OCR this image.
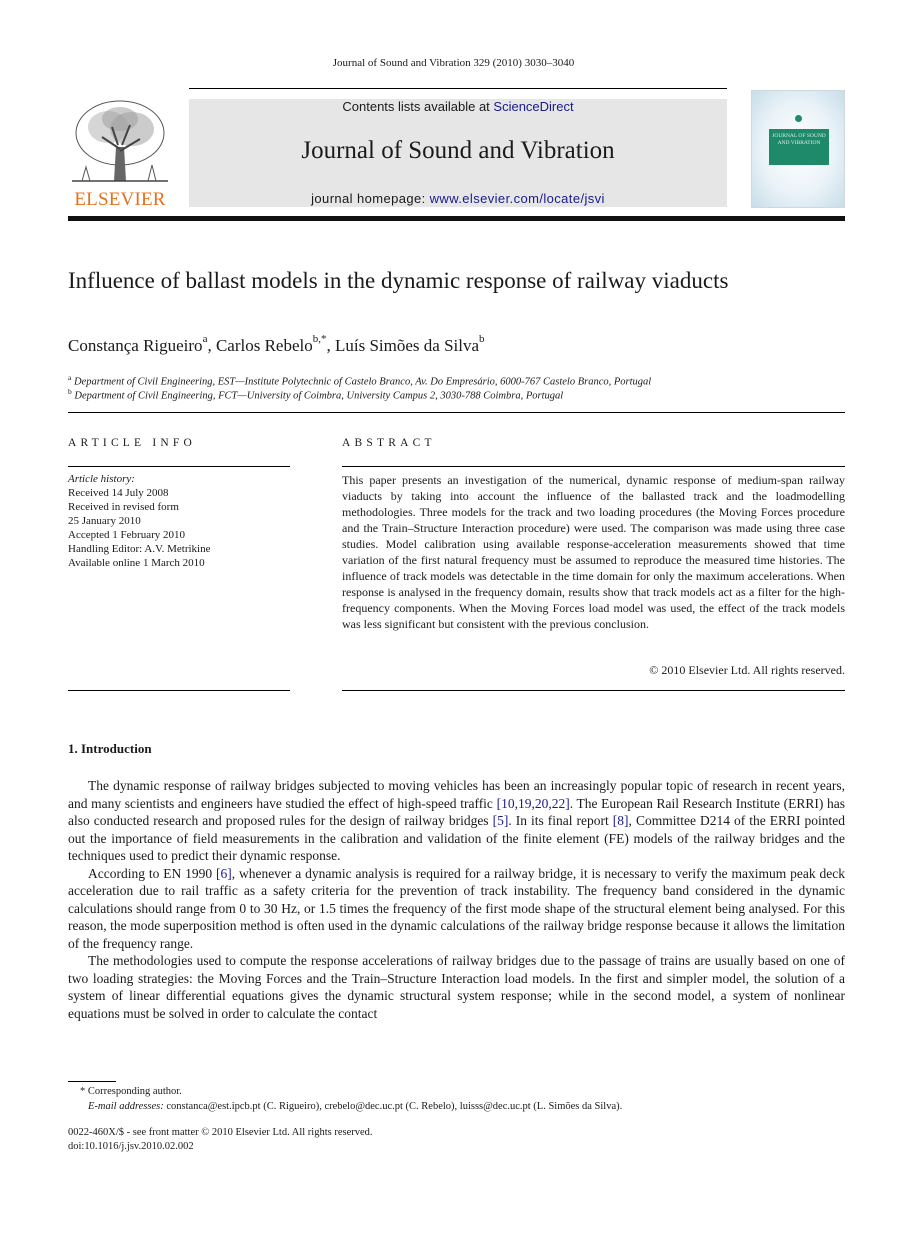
Journal of Sound and Vibration 329 (2010) 3030–3040
ELSEVIER
Contents lists available at ScienceDirect
Journal of Sound and Vibration
journal homepage: www.elsevier.com/locate/jsvi
JOURNAL OF SOUND AND VIBRATION
Influence of ballast models in the dynamic response of railway viaducts
Constança Rigueiro$^a$, Carlos Rebelo$^{b,*}$, Luís Simões da Silva$^b$
$^a$ Department of Civil Engineering, EST—Institute Polytechnic of Castelo Branco, Av. Do Empresário, 6000-767 Castelo Branco, Portugal
$^b$ Department of Civil Engineering, FCT—University of Coimbra, University Campus 2, 3030-788 Coimbra, Portugal
ARTICLE INFO
Article history:
Received 14 July 2008
Received in revised form
25 January 2010
Accepted 1 February 2010
Handling Editor: A.V. Metrikine
Available online 1 March 2010
ABSTRACT
This paper presents an investigation of the numerical, dynamic response of medium-span railway viaducts by taking into account the influence of the ballasted track and the loadmodelling methodologies. Three models for the track and two loading procedures (the Moving Forces procedure and the Train–Structure Interaction procedure) were used. The comparison was made using three case studies. Model calibration using available response-acceleration measurements showed that time variation of the first natural frequency must be assumed to reproduce the measured time histories. The influence of track models was detectable in the time domain for only the maximum accelerations. When response is analysed in the frequency domain, results show that track models act as a filter for the high-frequency components. When the Moving Forces load model was used, the effect of the track models was less significant but consistent with the previous conclusion.
© 2010 Elsevier Ltd. All rights reserved.
1. Introduction

The dynamic response of railway bridges subjected to moving vehicles has been an increasingly popular topic of research in recent years, and many scientists and engineers have studied the effect of high-speed traffic [10,19,20,22]. The European Rail Research Institute (ERRI) has also conducted research and proposed rules for the design of railway bridges [5]. In its final report [8], Committee D214 of the ERRI pointed out the importance of field measurements in the calibration and validation of the finite element (FE) models of the railway bridges and the techniques used to predict their dynamic response.

According to EN 1990 [6], whenever a dynamic analysis is required for a railway bridge, it is necessary to verify the maximum peak deck acceleration due to rail traffic as a safety criteria for the prevention of track instability. The frequency band considered in the dynamic calculations should range from 0 to 30 Hz, or 1.5 times the frequency of the first mode shape of the structural element being analysed. For this reason, the mode superposition method is often used in the dynamic calculations of the railway bridge response because it allows the limitation of the frequency range.

The methodologies used to compute the response accelerations of railway bridges due to the passage of trains are usually based on one of two loading strategies: the Moving Forces and the Train–Structure Interaction load models. In the first and simpler model, the solution of a system of linear differential equations gives the dynamic structural system response; while in the second model, a system of nonlinear equations must be solved in order to calculate the contact

* Corresponding author.
E-mail addresses: constanca@est.ipcb.pt (C. Rigueiro), crebelo@dec.uc.pt (C. Rebelo), luisss@dec.uc.pt (L. Simões da Silva).
0022-460X/$ - see front matter © 2010 Elsevier Ltd. All rights reserved.
doi:10.1016/j.jsv.2010.02.002
